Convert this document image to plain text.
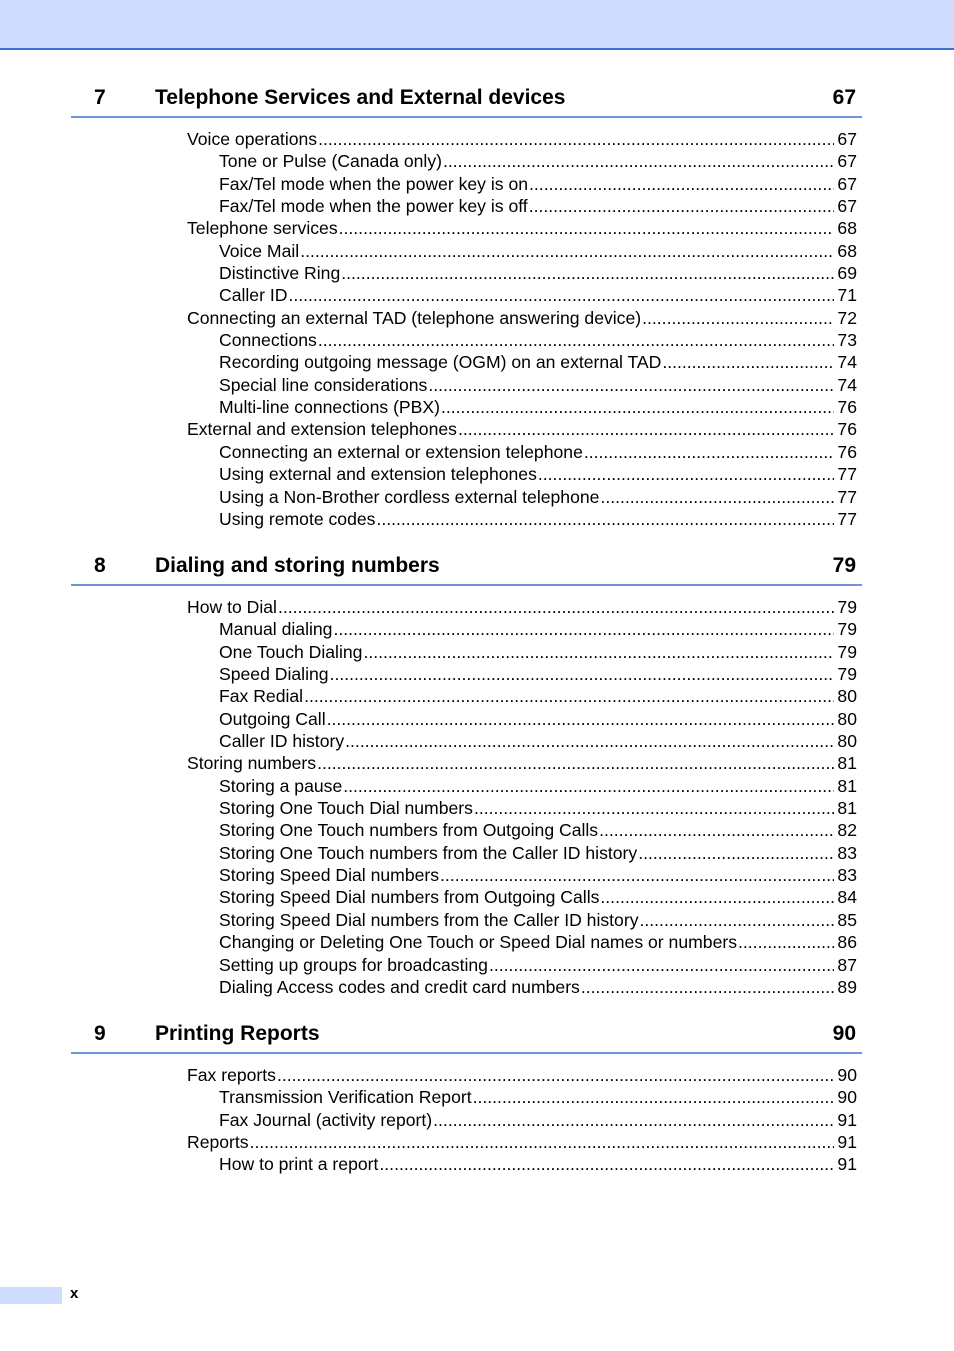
7 Telephone Services and External devices	67
Voice operations .....	67
Tone or Pulse (Canada only) .....	67
Fax/Tel mode when the power key is on .....	67
Fax/Tel mode when the power key is off .....	67
Telephone services .....	68
Voice Mail .....	68
Distinctive Ring .....	69
Caller ID .....	71
Connecting an external TAD (telephone answering device) .....	72
Connections .....	73
Recording outgoing message (OGM) on an external TAD .....	74
Special line considerations .....	74
Multi-line connections (PBX) .....	76
External and extension telephones .....	76
Connecting an external or extension telephone .....	76
Using external and extension telephones .....	77
Using a Non-Brother cordless external telephone .....	77
Using remote codes .....	77
8 Dialing and storing numbers	79
How to Dial .....	79
Manual dialing .....	79
One Touch Dialing .....	79
Speed Dialing .....	79
Fax Redial .....	80
Outgoing Call .....	80
Caller ID history .....	80
Storing numbers .....	81
Storing a pause .....	81
Storing One Touch Dial numbers .....	81
Storing One Touch numbers from Outgoing Calls .....	82
Storing One Touch numbers from the Caller ID history .....	83
Storing Speed Dial numbers .....	83
Storing Speed Dial numbers from Outgoing Calls .....	84
Storing Speed Dial numbers from the Caller ID history .....	85
Changing or Deleting One Touch or Speed Dial names or numbers .....	86
Setting up groups for broadcasting .....	87
Dialing Access codes and credit card numbers .....	89
9 Printing Reports	90
Fax reports .....	90
Transmission Verification Report .....	90
Fax Journal (activity report) .....	91
Reports .....	91
How to print a report .....	91
x
